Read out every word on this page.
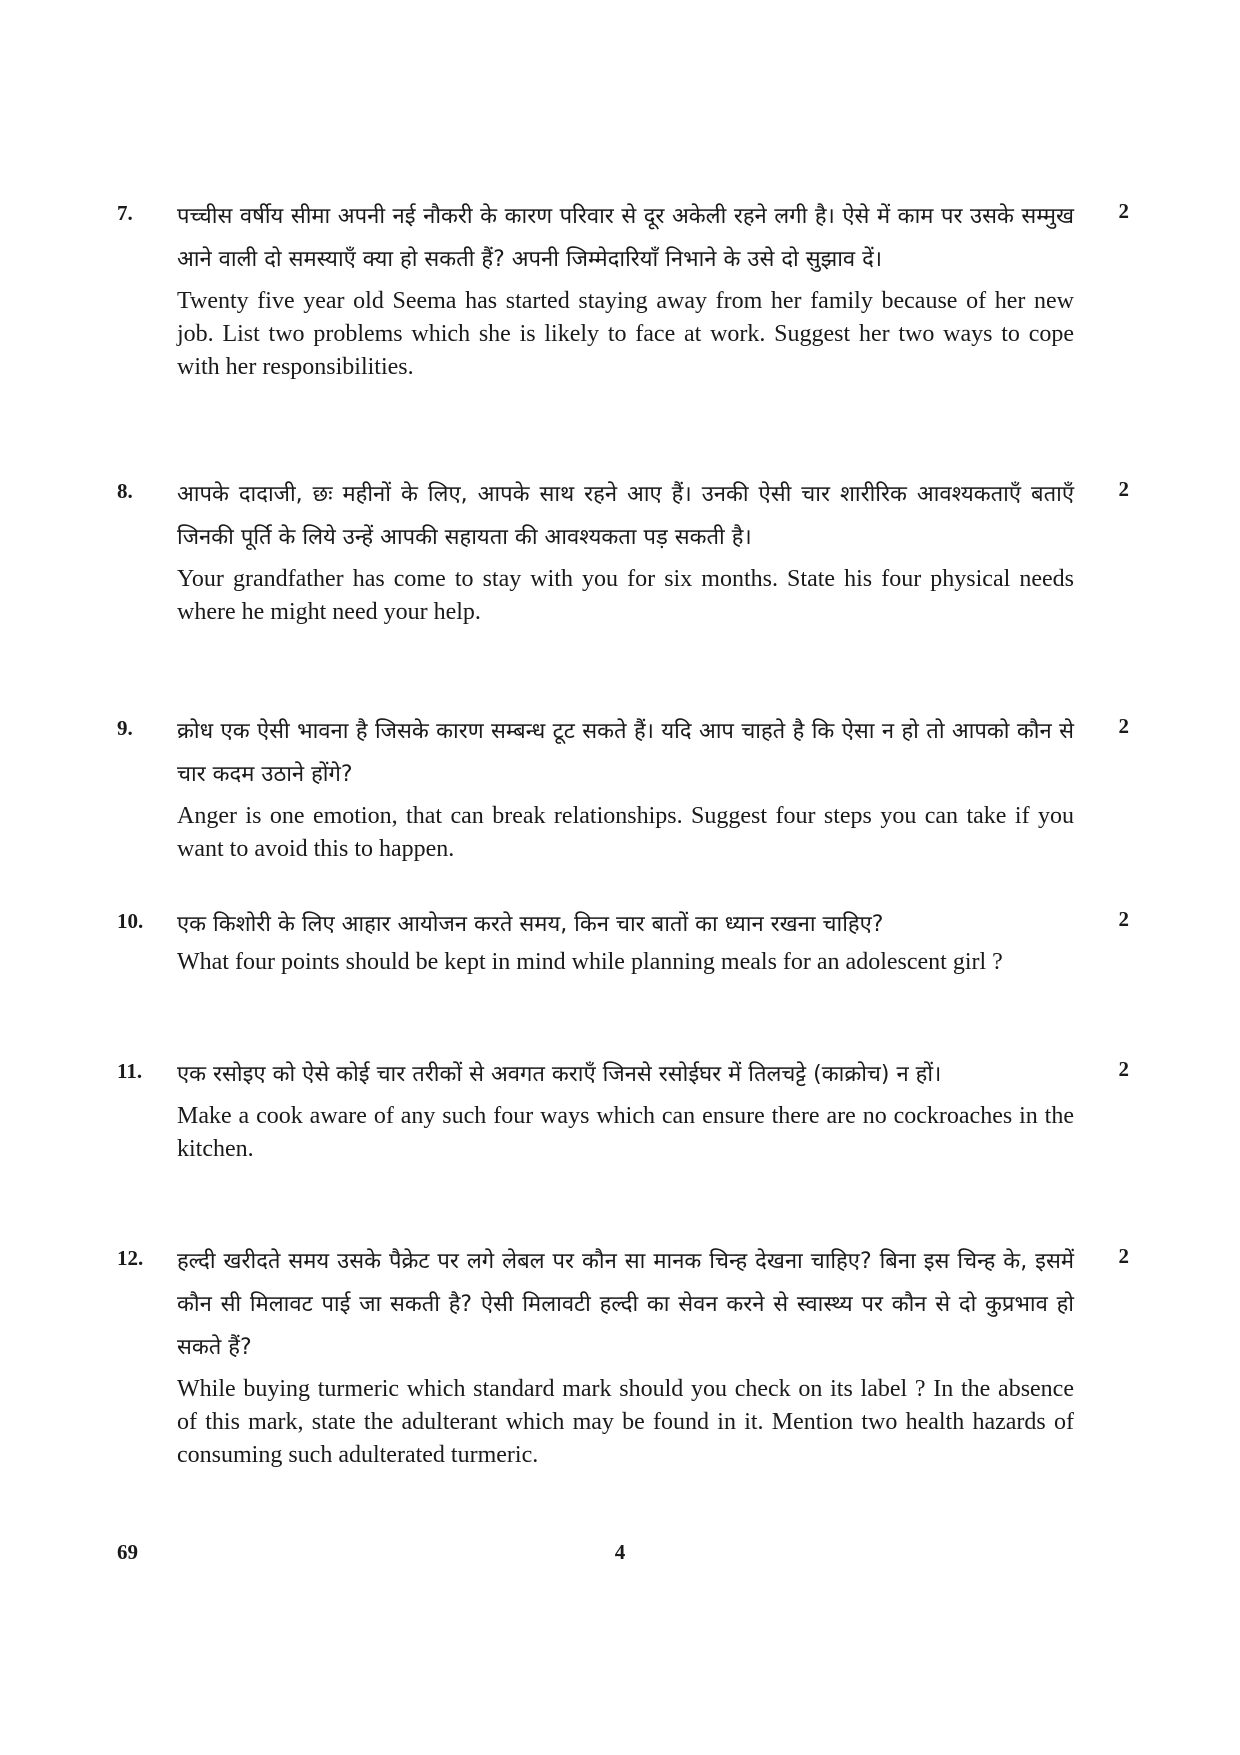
7. पच्चीस वर्षीय सीमा अपनी नई नौकरी के कारण परिवार से दूर अकेली रहने लगी है। ऐसे में काम पर उसके सम्मुख आने वाली दो समस्याएँ क्या हो सकती हैं? अपनी जिम्मेदारियाँ निभाने के उसे दो सुझाव दें।

Twenty five year old Seema has started staying away from her family because of her new job. List two problems which she is likely to face at work. Suggest her two ways to cope with her responsibilities.

2
8. आपके दादाजी, छः महीनों के लिए, आपके साथ रहने आए हैं। उनकी ऐसी चार शारीरिक आवश्यकताएँ बताएँ जिनकी पूर्ति के लिये उन्हें आपकी सहायता की आवश्यकता पड़ सकती है।

Your grandfather has come to stay with you for six months. State his four physical needs where he might need your help.

2
9. क्रोध एक ऐसी भावना है जिसके कारण सम्बन्ध टूट सकते हैं। यदि आप चाहते है कि ऐसा न हो तो आपको कौन से चार कदम उठाने होंगे?

Anger is one emotion, that can break relationships. Suggest four steps you can take if you want to avoid this to happen.

2
10. एक किशोरी के लिए आहार आयोजन करते समय, किन चार बातों का ध्यान रखना चाहिए?

What four points should be kept in mind while planning meals for an adolescent girl ?

2
11. एक रसोइए को ऐसे कोई चार तरीकों से अवगत कराएँ जिनसे रसोईघर में तिलचट्टे (काक्रोच) न हों।

Make a cook aware of any such four ways which can ensure there are no cockroaches in the kitchen.

2
12. हल्दी खरीदते समय उसके पैक्रेट पर लगे लेबल पर कौन सा मानक चिन्ह देखना चाहिए? बिना इस चिन्ह के, इसमें कौन सी मिलावट पाई जा सकती है? ऐसी मिलावटी हल्दी का सेवन करने से स्वास्थ्य पर कौन से दो कुप्रभाव हो सकते हैं?

While buying turmeric which standard mark should you check on its label ? In the absence of this mark, state the adulterant which may be found in it. Mention two health hazards of consuming such adulterated turmeric.

2
69	4
